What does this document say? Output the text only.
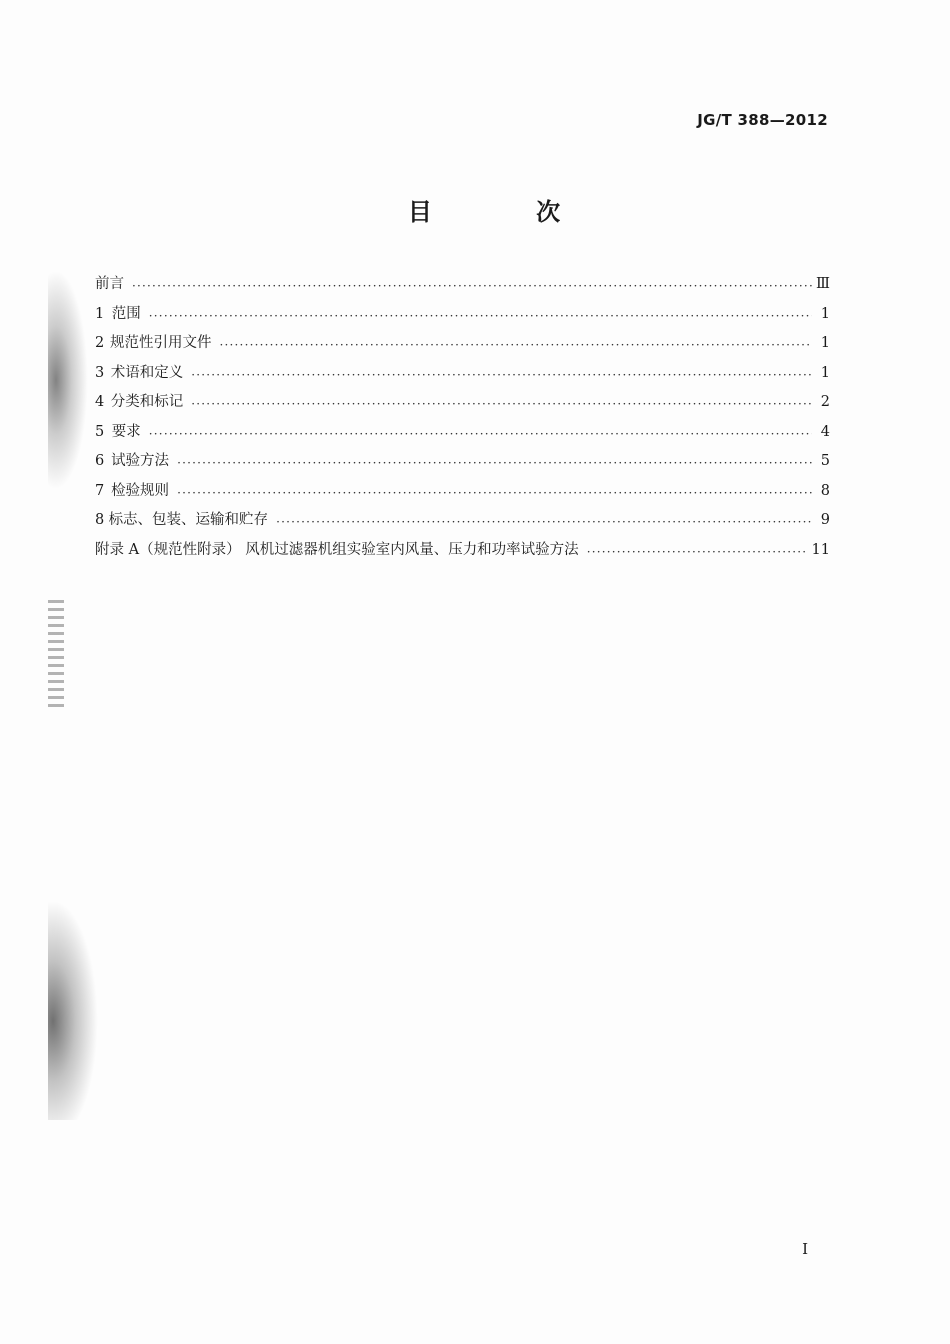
JG/T 388—2012
目 次
前言 ·····	Ⅲ
1 范围 ·····	1
2 规范性引用文件 ·····	1
3 术语和定义 ·····	1
4 分类和标记 ·····	2
5 要求 ·····	4
6 试验方法 ·····	5
7 检验规则 ·····	8
8 标志、包装、运输和贮存 ·····	9
附录 A（规范性附录） 风机过滤器机组实验室内风量、压力和功率试验方法 ·····	11
I
